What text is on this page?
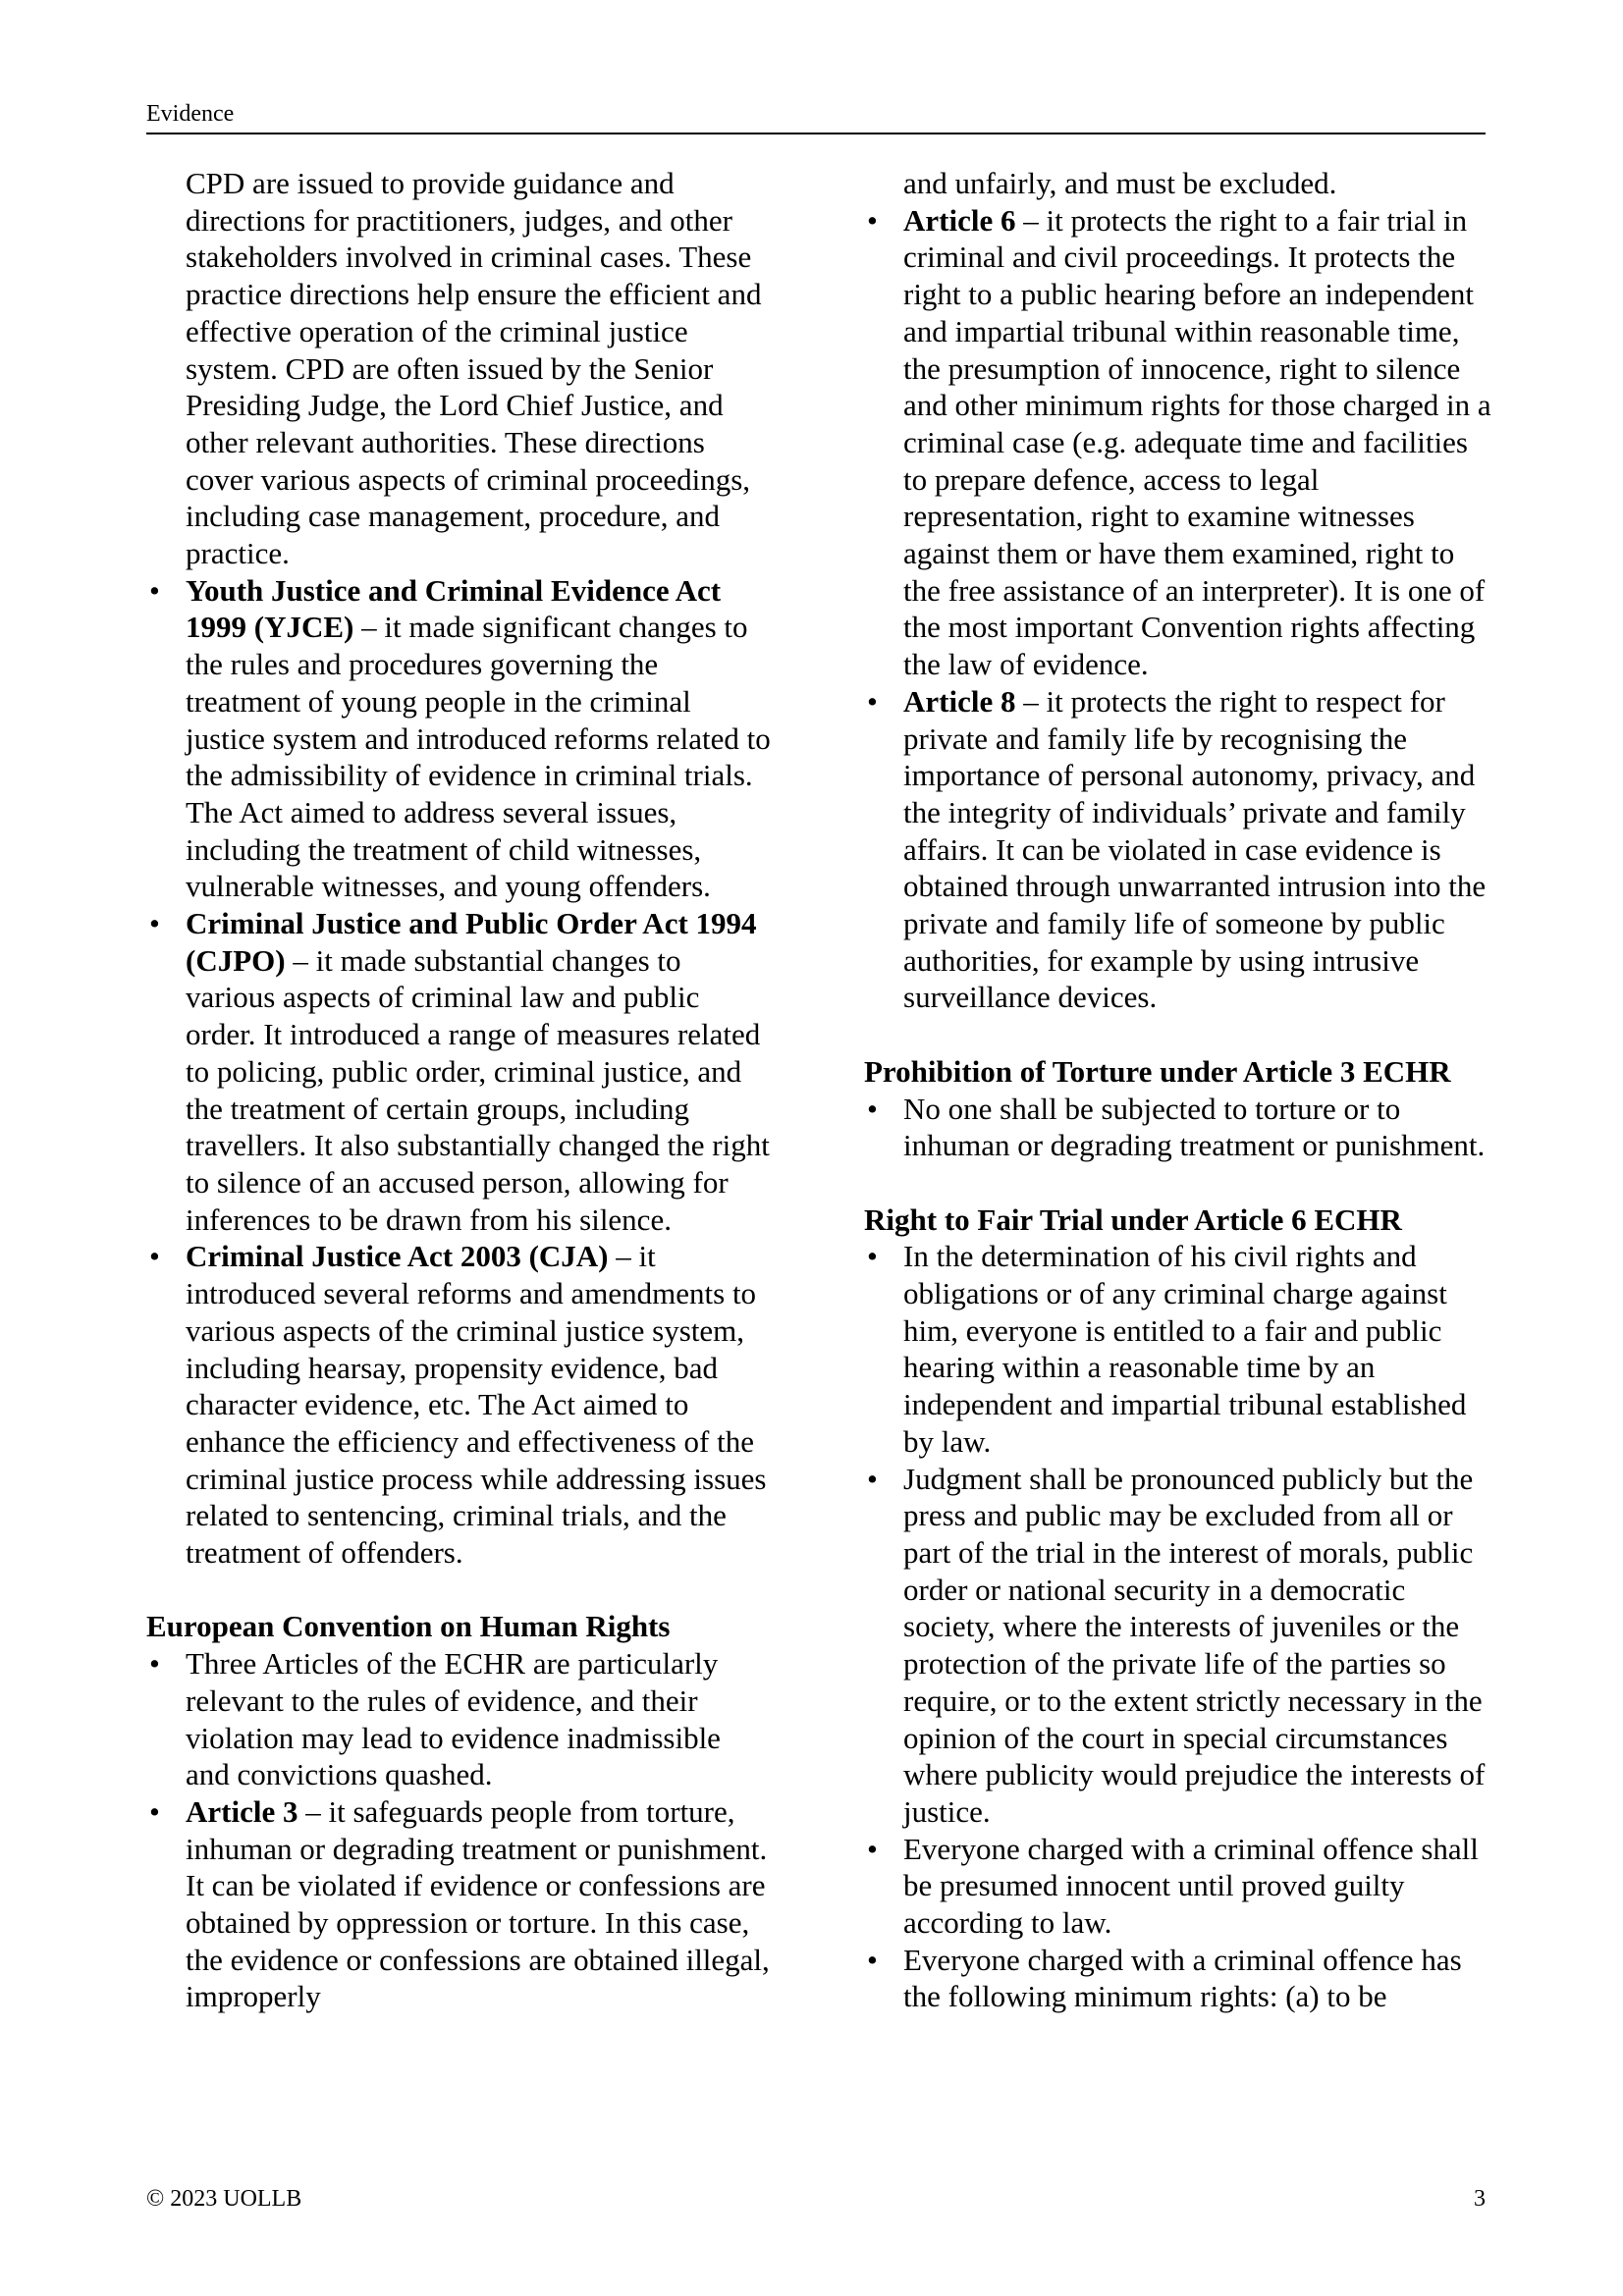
Evidence

CPD are issued to provide guidance and directions for practitioners, judges, and other stakeholders involved in criminal cases. These practice directions help ensure the efficient and effective operation of the criminal justice system. CPD are often issued by the Senior Presiding Judge, the Lord Chief Justice, and other relevant authorities. These directions cover various aspects of criminal proceedings, including case management, procedure, and practice.

• Youth Justice and Criminal Evidence Act 1999 (YJCE) – it made significant changes to the rules and procedures governing the treatment of young people in the criminal justice system and introduced reforms related to the admissibility of evidence in criminal trials. The Act aimed to address several issues, including the treatment of child witnesses, vulnerable witnesses, and young offenders.
• Criminal Justice and Public Order Act 1994 (CJPO) – it made substantial changes to various aspects of criminal law and public order. It introduced a range of measures related to policing, public order, criminal justice, and the treatment of certain groups, including travellers. It also substantially changed the right to silence of an accused person, allowing for inferences to be drawn from his silence.
• Criminal Justice Act 2003 (CJA) – it introduced several reforms and amendments to various aspects of the criminal justice system, including hearsay, propensity evidence, bad character evidence, etc. The Act aimed to enhance the efficiency and effectiveness of the criminal justice process while addressing issues related to sentencing, criminal trials, and the treatment of offenders.

European Convention on Human Rights

• Three Articles of the ECHR are particularly relevant to the rules of evidence, and their violation may lead to evidence inadmissible and convictions quashed.
• Article 3 – it safeguards people from torture, inhuman or degrading treatment or punishment. It can be violated if evidence or confessions are obtained by oppression or torture. In this case, the evidence or confessions are obtained illegal, improperly

and unfairly, and must be excluded.

• Article 6 – it protects the right to a fair trial in criminal and civil proceedings. It protects the right to a public hearing before an independent and impartial tribunal within reasonable time, the presumption of innocence, right to silence and other minimum rights for those charged in a criminal case (e.g. adequate time and facilities to prepare defence, access to legal representation, right to examine witnesses against them or have them examined, right to the free assistance of an interpreter). It is one of the most important Convention rights affecting the law of evidence.
• Article 8 – it protects the right to respect for private and family life by recognising the importance of personal autonomy, privacy, and the integrity of individuals’ private and family affairs. It can be violated in case evidence is obtained through unwarranted intrusion into the private and family life of someone by public authorities, for example by using intrusive surveillance devices.

Prohibition of Torture under Article 3 ECHR

• No one shall be subjected to torture or to inhuman or degrading treatment or punishment.

Right to Fair Trial under Article 6 ECHR

• In the determination of his civil rights and obligations or of any criminal charge against him, everyone is entitled to a fair and public hearing within a reasonable time by an independent and impartial tribunal established by law.
• Judgment shall be pronounced publicly but the press and public may be excluded from all or part of the trial in the interest of morals, public order or national security in a democratic society, where the interests of juveniles or the protection of the private life of the parties so require, or to the extent strictly necessary in the opinion of the court in special circumstances where publicity would prejudice the interests of justice.
• Everyone charged with a criminal offence shall be presumed innocent until proved guilty according to law.
• Everyone charged with a criminal offence has the following minimum rights: (a) to be
© 2023 UOLLB	3
